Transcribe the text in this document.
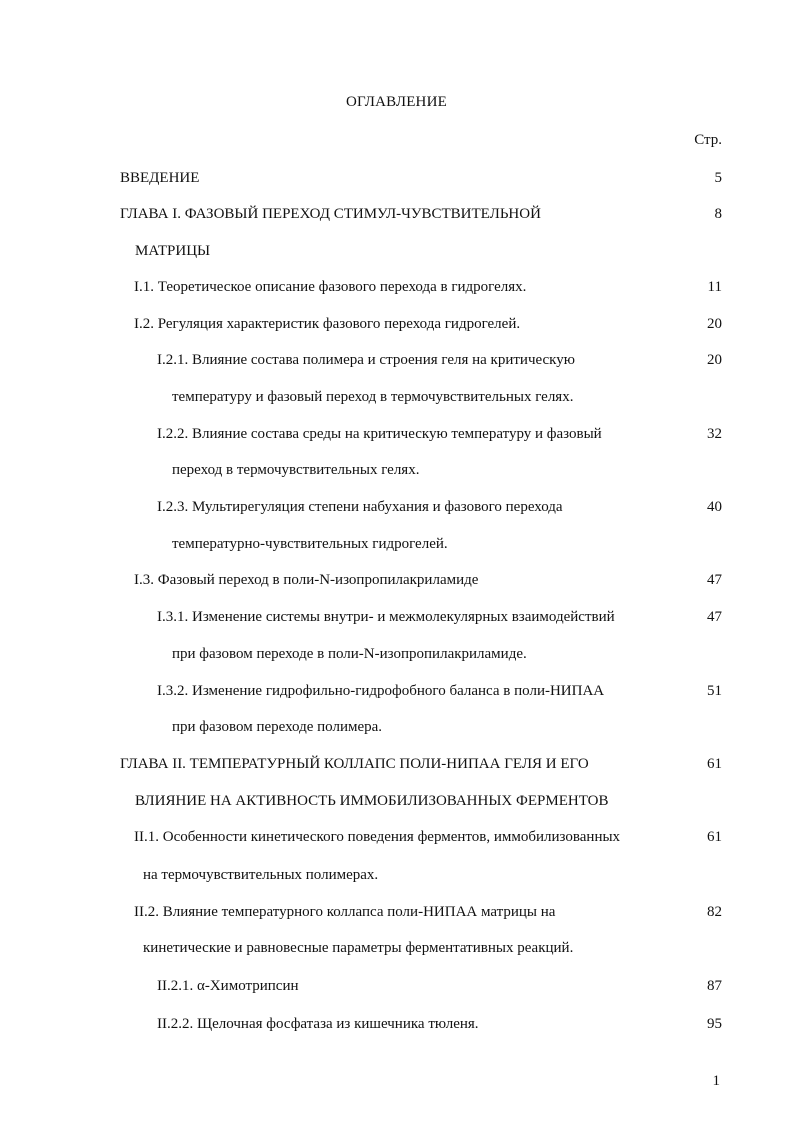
ОГЛАВЛЕНИЕ
Стр.
ВВЕДЕНИЕ	5
ГЛАВА I. ФАЗОВЫЙ ПЕРЕХОД СТИМУЛ-ЧУВСТВИТЕЛЬНОЙ	8
МАТРИЦЫ
I.1. Теоретическое описание фазового перехода в гидрогелях.	11
I.2. Регуляция характеристик фазового перехода гидрогелей.	20
I.2.1. Влияние состава полимера и строения геля на критическую	20
температуру и фазовый переход в термочувствительных гелях.
I.2.2. Влияние состава среды на критическую температуру и фазовый	32
переход в термочувствительных гелях.
I.2.3. Мультирегуляция степени набухания и фазового перехода	40
температурно-чувствительных гидрогелей.
I.3. Фазовый переход в поли-N-изопропилакриламиде	47
I.3.1. Изменение системы внутри- и межмолекулярных взаимодействий	47
при фазовом переходе в поли-N-изопропилакриламиде.
I.3.2. Изменение гидрофильно-гидрофобного баланса в поли-НИПАА	51
при фазовом переходе полимера.
ГЛАВА II. ТЕМПЕРАТУРНЫЙ КОЛЛАПС ПОЛИ-НИПАА ГЕЛЯ И ЕГО	61
ВЛИЯНИЕ НА АКТИВНОСТЬ ИММОБИЛИЗОВАННЫХ ФЕРМЕНТОВ
II.1. Особенности кинетического поведения ферментов, иммобилизованных	61
на термочувствительных полимерах.
II.2. Влияние температурного коллапса поли-НИПАА матрицы на	82
кинетические и равновесные параметры ферментативных реакций.
II.2.1. α-Химотрипсин	87
II.2.2. Щелочная фосфатаза из кишечника тюленя.	95
1
